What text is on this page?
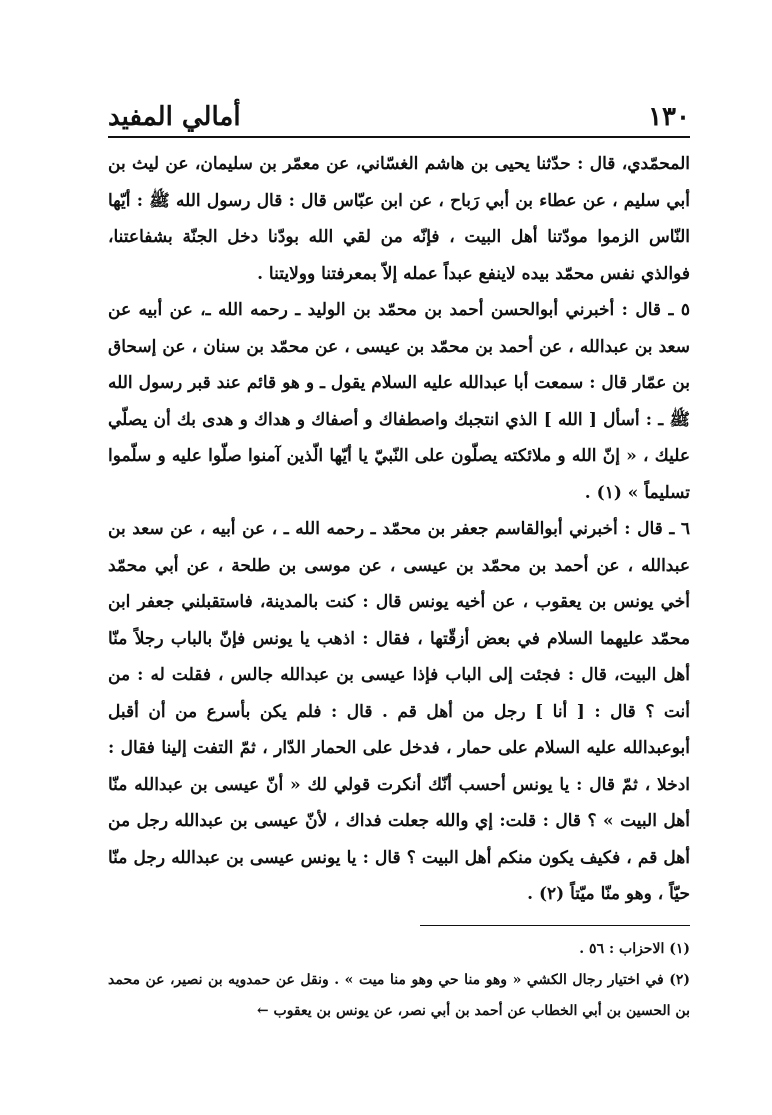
١٣٠
أمالي المفيد

المحمّدي، قال : حدّثنا يحيى بن هاشم الغسّاني، عن معمّر بن سليمان، عن ليث بن أبي سليم ، عن عطاء بن أبي رَباح ، عن ابن عبّاس قال : قال رسول الله ﷺ : أيّها النّاس الزموا مودّتنا أهل البيت ، فإنّه من لقي الله بودّنا دخل الجنّة بشفاعتنا، فوالذي نفس محمّد بيده لاينفع عبداً عمله إلاّ بمعرفتنا وولايتنا .

٥ ـ قال : أخبرني أبوالحسن أحمد بن محمّد بن الوليد ـ رحمه الله ـ، عن أبيه عن سعد بن عبدالله ، عن أحمد بن محمّد بن عيسى ، عن محمّد بن سنان ، عن إسحاق بن عمّار قال : سمعت أبا عبدالله عليه السلام يقول ـ و هو قائم عند قبر رسول الله ﷺ ـ : أسأل [ الله ] الذي انتجبك واصطفاك و أصفاك و هداك و هدى بك أن يصلّي عليك ، « إنّ الله و ملائكته يصلّون على النّبيّ يا أيّها الّذين آمنوا صلّوا عليه و سلّموا تسليماً » (١) .

٦ ـ قال : أخبرني أبوالقاسم جعفر بن محمّد ـ رحمه الله ـ ، عن أبيه ، عن سعد بن عبدالله ، عن أحمد بن محمّد بن عيسى ، عن موسى بن طلحة ، عن أبي محمّد أخي يونس بن يعقوب ، عن أخيه يونس قال : كنت بالمدينة، فاستقبلني جعفر ابن محمّد عليهما السلام في بعض أزقّتها ، فقال : اذهب يا يونس فإنّ بالباب رجلاً منّا أهل البيت، قال : فجئت إلى الباب فإذا عيسى بن عبدالله جالس ، فقلت له : من أنت ؟ قال : [ أنا ] رجل من أهل قم . قال : فلم يكن بأسرع من أن أقبل أبوعبدالله عليه السلام على حمار ، فدخل على الحمار الدّار ، ثمّ التفت إلينا فقال : ادخلا ، ثمّ قال : يا يونس أحسب أنّك أنكرت قولي لك « أنّ عيسى بن عبدالله منّا أهل البيت » ؟ قال : قلت: إي والله جعلت فداك ، لأنّ عيسى بن عبدالله رجل من أهل قم ، فكيف يكون منكم أهل البيت ؟ قال : يا يونس عيسى بن عبدالله رجل منّا حيّاً ، وهو منّا ميّتاً (٢) .

(١) الاحزاب : ٥٦ .

(٢) في اختيار رجال الكشي « وهو منا حي وهو منا ميت » . ونقل عن حمدويه بن نصير، عن محمد بن الحسين بن أبي الخطاب عن أحمد بن أبي نصر، عن يونس بن يعقوب ←
